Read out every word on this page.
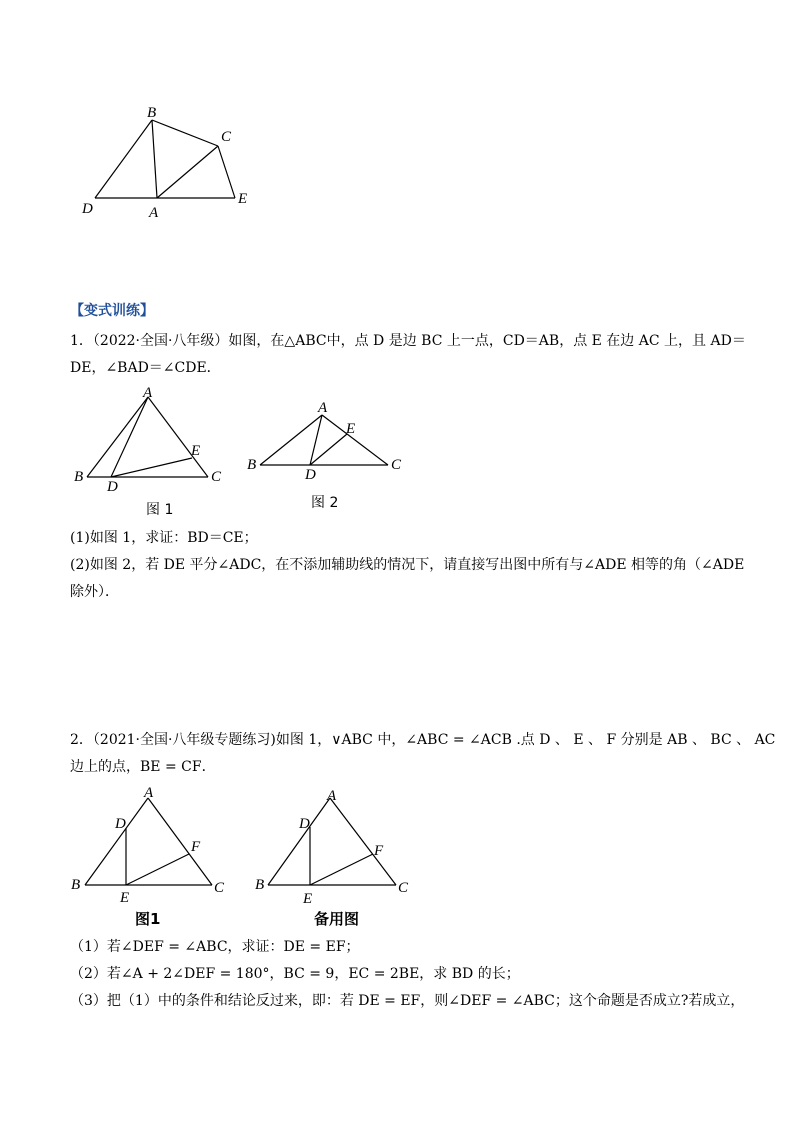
B
C
D	A
E
【变式训练】
1．（2022·全国·八年级）如图，在△ABC中，点 D 是边 BC 上一点，CD＝AB，点 E 在边 AC 上，且 AD＝
DE，∠BAD＝∠CDE．
A
B	C
D
E
图 1
A
B	C
D
E
图 2
(1)如图 1，求证：BD＝CE；
(2)如图 2，若 DE 平分∠ADC，在不添加辅助线的情况下，请直接写出图中所有与∠ADE 相等的角（∠ADE
除外）．
2．（2021·全国·八年级专题练习)如图 1，∨ABC 中，∠ABC = ∠ACB .点 D 、 E 、 F 分别是 AB 、 BC 、 AC
边上的点，BE = CF．
A
B	C
D
E
F
图1
A
B	C
D
E
F
备用图
（1）若∠DEF = ∠ABC，求证：DE = EF；
（2）若∠A + 2∠DEF = 180°，BC = 9，EC = 2BE，求 BD 的长；
（3）把（1）中的条件和结论反过来，即：若 DE = EF，则∠DEF = ∠ABC；这个命题是否成立?若成立，
